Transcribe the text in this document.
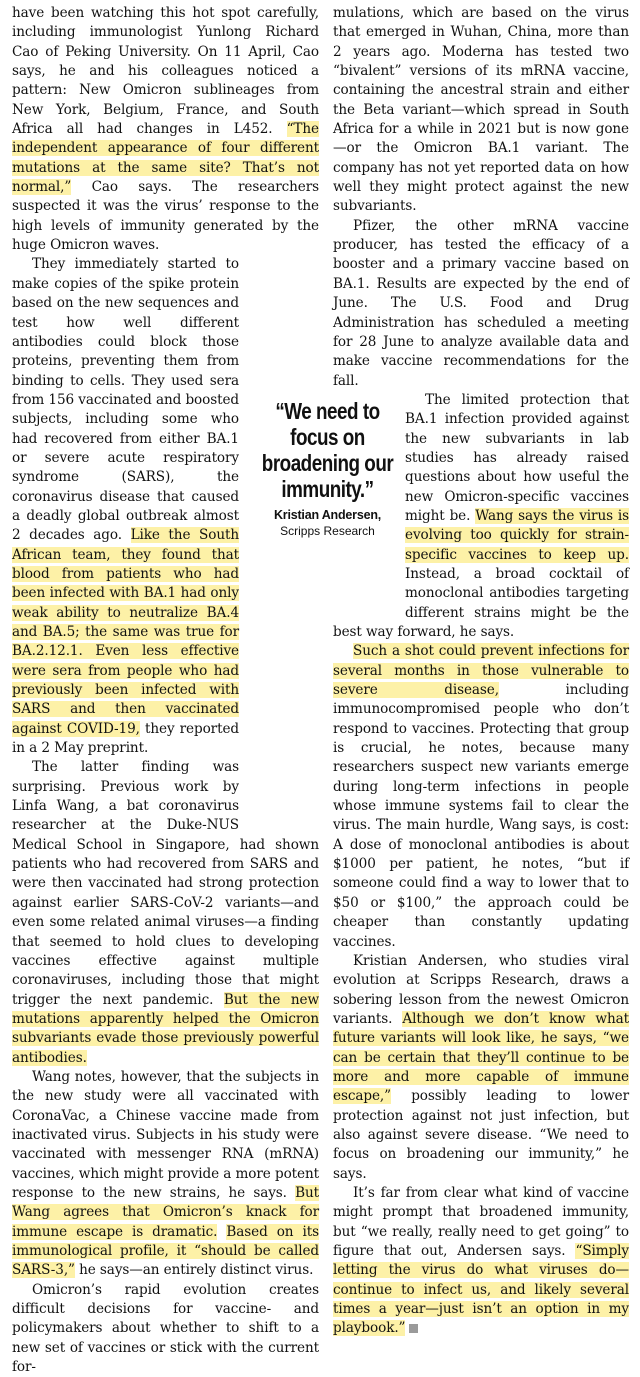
have been watching this hot spot carefully, including immunologist Yunlong Richard Cao of Peking University. On 11 April, Cao says, he and his colleagues noticed a pattern: New Omicron sublineages from New York, Belgium, France, and South Africa all had changes in L452. “The independent appearance of four different mutations at the same site? That’s not normal,” Cao says. The researchers suspected it was the virus’ response to the high levels of immunity generated by the huge Omicron waves.

They immediately started to make copies of the spike protein based on the new sequences and test how well different antibodies could block those proteins, preventing them from binding to cells. They used sera from 156 vaccinated and boosted subjects, including some who had recovered from either BA.1 or severe acute respiratory syndrome (SARS), the coronavirus disease that caused a deadly global outbreak almost 2 decades ago. Like the South African team, they found that blood from patients who had been infected with BA.1 had only weak ability to neutralize BA.4 and BA.5; the same was true for BA.2.12.1. Even less effective were sera from people who had previously been infected with SARS and then vaccinated against COVID-19, they reported in a 2 May preprint.

The latter finding was surprising. Previous work by Linfa Wang, a bat coronavirus researcher at the Duke-NUS Medical School in Singapore, had shown patients who had recovered from SARS and were then vaccinated had strong protection against earlier SARS-CoV-2 variants—and even some related animal viruses—a finding that seemed to hold clues to developing vaccines effective against multiple coronaviruses, including those that might trigger the next pandemic. But the new mutations apparently helped the Omicron subvariants evade those previously powerful antibodies.

Wang notes, however, that the subjects in the new study were all vaccinated with CoronaVac, a Chinese vaccine made from inactivated virus. Subjects in his study were vaccinated with messenger RNA (mRNA) vaccines, which might provide a more potent response to the new strains, he says. But Wang agrees that Omicron’s knack for immune escape is dramatic. Based on its immunological profile, it “should be called SARS-3,” he says—an entirely distinct virus.

Omicron’s rapid evolution creates difficult decisions for vaccine- and policymakers about whether to shift to a new set of vaccines or stick with the current for-

mulations, which are based on the virus that emerged in Wuhan, China, more than 2 years ago. Moderna has tested two “bivalent” versions of its mRNA vaccine, containing the ancestral strain and either the Beta variant—which spread in South Africa for a while in 2021 but is now gone—or the Omicron BA.1 variant. The company has not yet reported data on how well they might protect against the new subvariants.

Pfizer, the other mRNA vaccine producer, has tested the efficacy of a booster and a primary vaccine based on BA.1. Results are expected by the end of June. The U.S. Food and Drug Administration has scheduled a meeting for 28 June to analyze available data and make vaccine recommendations for the fall.

The limited protection that BA.1 infection provided against the new subvariants in lab studies has already raised questions about how useful the new Omicron-specific vaccines might be. Wang says the virus is evolving too quickly for strain-specific vaccines to keep up. Instead, a broad cocktail of monoclonal antibodies targeting different strains might be the best way forward, he says.

Such a shot could prevent infections for several months in those vulnerable to severe disease, including immunocompromised people who don’t respond to vaccines. Protecting that group is crucial, he notes, because many researchers suspect new variants emerge during long-term infections in people whose immune systems fail to clear the virus. The main hurdle, Wang says, is cost: A dose of monoclonal antibodies is about $1000 per patient, he notes, “but if someone could find a way to lower that to $50 or $100,” the approach could be cheaper than constantly updating vaccines.

Kristian Andersen, who studies viral evolution at Scripps Research, draws a sobering lesson from the newest Omicron variants. Although we don’t know what future variants will look like, he says, “we can be certain that they’ll continue to be more and more capable of immune escape,” possibly leading to lower protection against not just infection, but also against severe disease. “We need to focus on broadening our immunity,” he says.

It’s far from clear what kind of vaccine might prompt that broadened immunity, but “we really, really need to get going” to figure that out, Andersen says. “Simply letting the virus do what viruses do—continue to infect us, and likely several times a year—just isn’t an option in my playbook.”

“We need to focus on broadening our immunity.”
Kristian Andersen,
Scripps Research
